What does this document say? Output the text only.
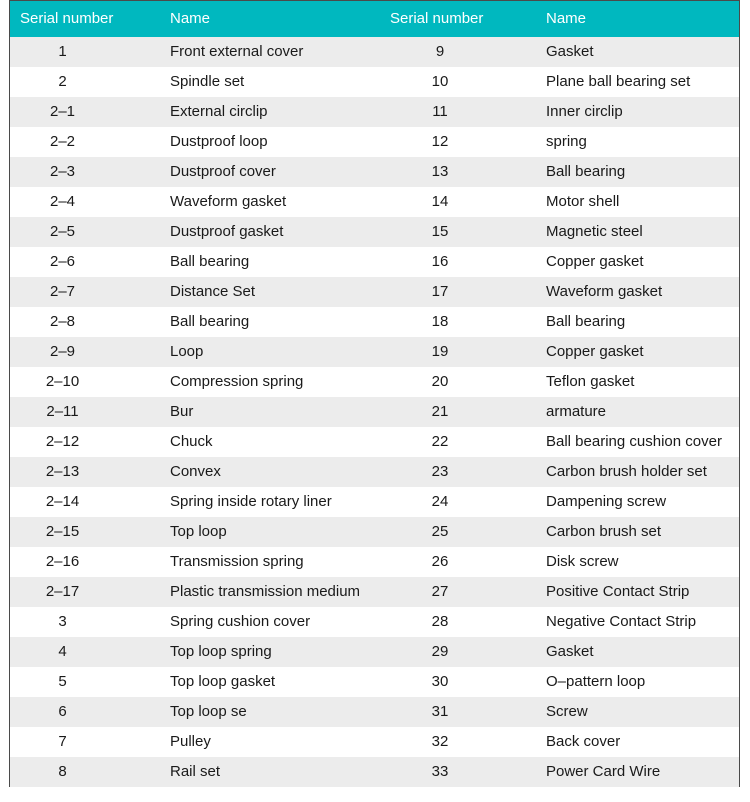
Serial number	Name	Serial number	Name
1	Front external cover	9	Gasket
2	Spindle set	10	Plane ball bearing set
2–1	External circlip	11	Inner circlip
2–2	Dustproof loop	12	spring
2–3	Dustproof cover	13	Ball bearing
2–4	Waveform gasket	14	Motor shell
2–5	Dustproof gasket	15	Magnetic steel
2–6	Ball bearing	16	Copper gasket
2–7	Distance Set	17	Waveform gasket
2–8	Ball bearing	18	Ball bearing
2–9	Loop	19	Copper gasket
2–10	Compression spring	20	Teflon gasket
2–11	Bur	21	armature
2–12	Chuck	22	Ball bearing cushion cover
2–13	Convex	23	Carbon brush holder set
2–14	Spring inside rotary liner	24	Dampening screw
2–15	Top loop	25	Carbon brush set
2–16	Transmission spring	26	Disk screw
2–17	Plastic transmission medium	27	Positive Contact Strip
3	Spring cushion cover	28	Negative Contact Strip
4	Top loop spring	29	Gasket
5	Top loop gasket	30	O–pattern loop
6	Top loop se	31	Screw
7	Pulley	32	Back cover
8	Rail set	33	Power Card Wire
